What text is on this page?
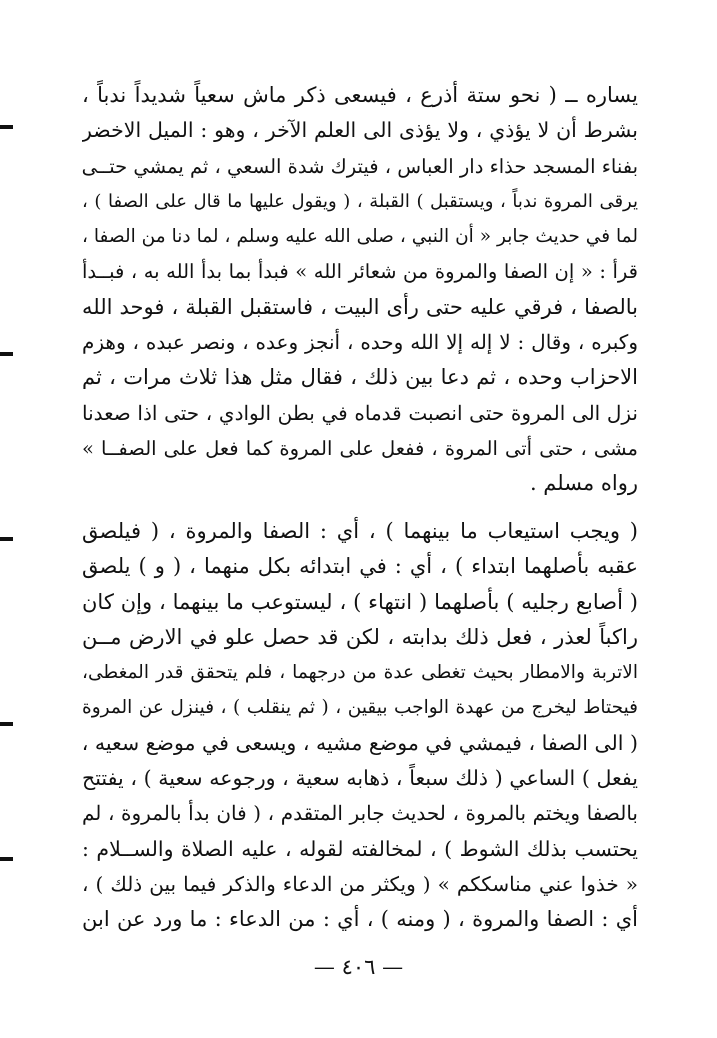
يساره ــ ( نحو ستة أذرع ، فيسعى ذكر ماش سعياً شديداً ندباً ،
بشرط أن لا يؤذي ، ولا يؤذى الى العلم الآخر ، وهو : الميل الاخضر
بفناء المسجد حذاء دار العباس ، فيترك شدة السعي ، ثم يمشي حتــى
يرقى المروة ندباً ، ويستقبل ) القبلة ، ( ويقول عليها ما قال على الصفا ) ،
لما في حديث جابر « أن النبي ، صلى الله عليه وسلم ، لما دنا من الصفا ،
قرأ : « إن الصفا والمروة من شعائر الله » فبدأ بما بدأ الله به ، فبــدأ
بالصفا ، فرقي عليه حتى رأى البيت ، فاستقبل القبلة ، فوحد الله
وكبره ، وقال : لا إله إلا الله وحده ، أنجز وعده ، ونصر عبده ، وهزم
الاحزاب وحده ، ثم دعا بين ذلك ، فقال مثل هذا ثلاث مرات ، ثم
نزل الى المروة حتى انصبت قدماه في بطن الوادي ، حتى اذا صعدنا
مشى ، حتى أتى المروة ، ففعل على المروة كما فعل على الصفــا »
رواه مسلم .
( ويجب استيعاب ما بينهما ) ، أي : الصفا والمروة ، ( فيلصق
عقبه بأصلهما ابتداء ) ، أي : في ابتدائه بكل منهما ، ( و ) يلصق
( أصابع رجليه ) بأصلهما ( انتهاء ) ، ليستوعب ما بينهما ، وإن كان
راكباً لعذر ، فعل ذلك بدابته ، لكن قد حصل علو في الارض مــن
الاتربة والامطار بحيث تغطى عدة من درجهما ، فلم يتحقق قدر المغطى،
فيحتاط ليخرج من عهدة الواجب بيقين ، ( ثم ينقلب ) ، فينزل عن المروة
( الى الصفا ، فيمشي في موضع مشيه ، ويسعى في موضع سعيه ،
يفعل ) الساعي ( ذلك سبعاً ، ذهابه سعية ، ورجوعه سعية ) ، يفتتح
بالصفا ويختم بالمروة ، لحديث جابر المتقدم ، ( فان بدأ بالمروة ، لم
يحتسب بذلك الشوط ) ، لمخالفته لقوله ، عليه الصلاة والســلام :
« خذوا عني مناسككم » ( ويكثر من الدعاء والذكر فيما بين ذلك ) ،
أي : الصفا والمروة ، ( ومنه ) ، أي : من الدعاء : ما ورد عن ابن
— ٤٠٦ —
